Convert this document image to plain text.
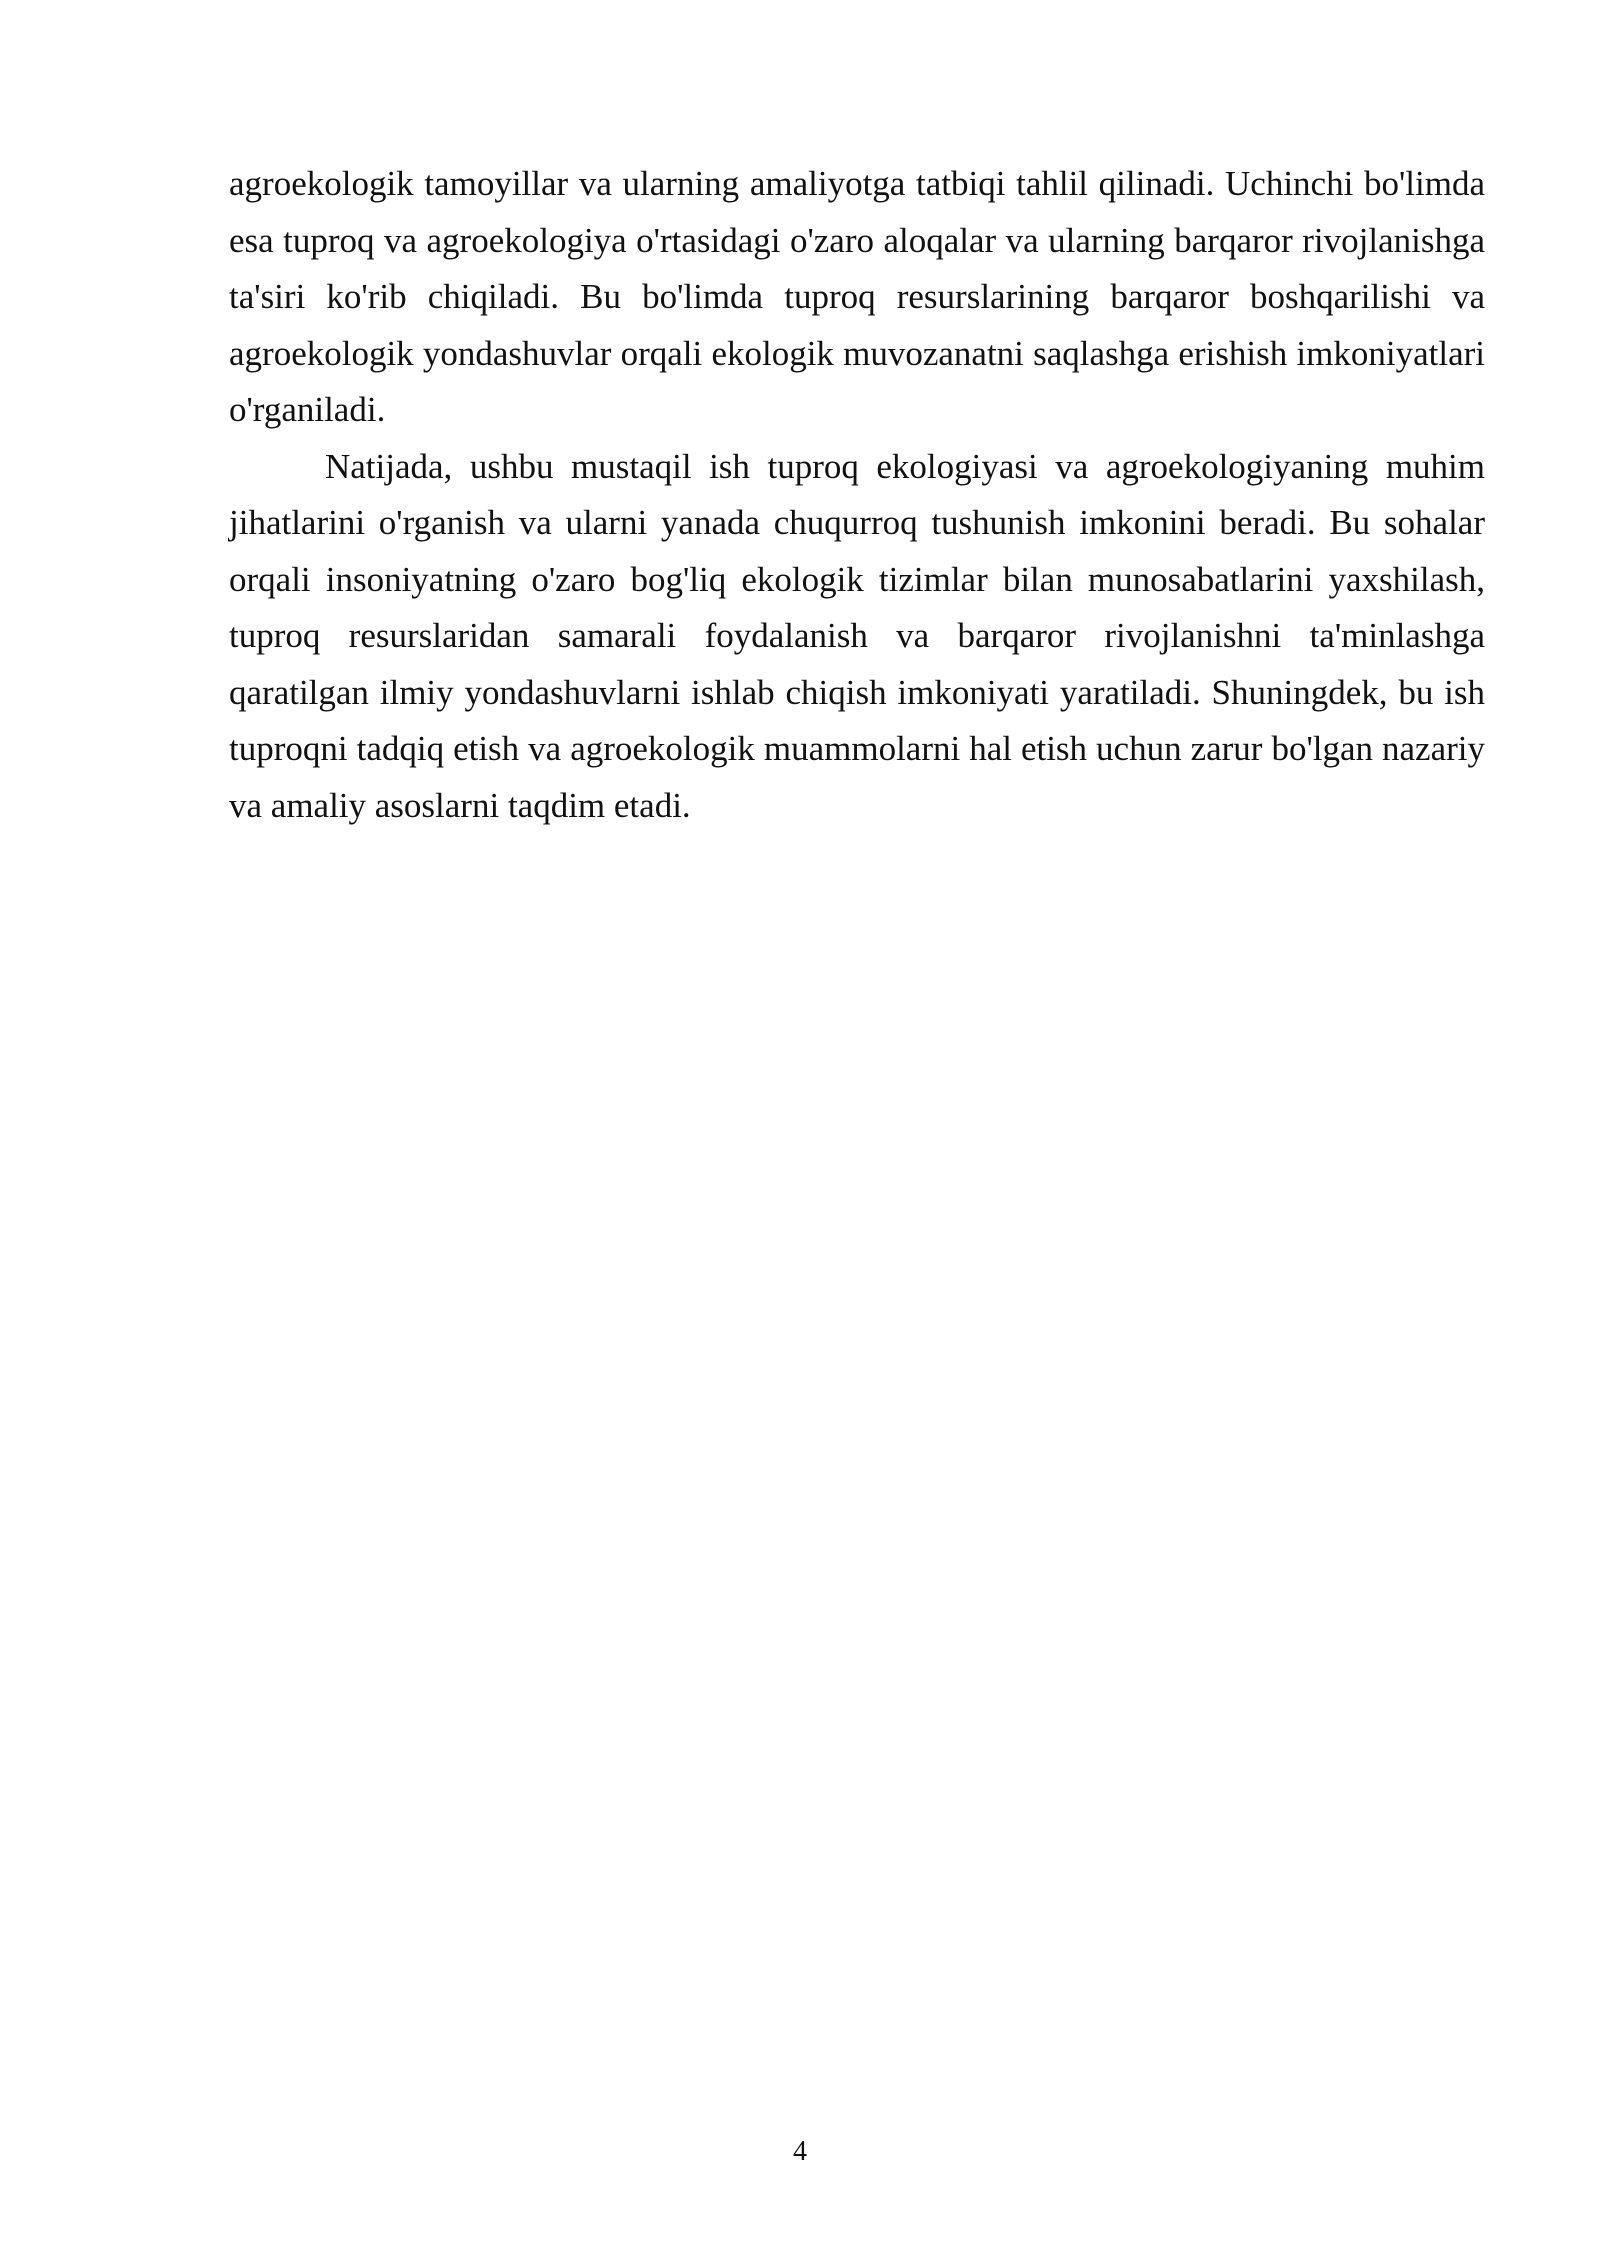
agroekologik tamoyillar va ularning amaliyotga tatbiqi tahlil qilinadi. Uchinchi bo'limda esa tuproq va agroekologiya o'rtasidagi o'zaro aloqalar va ularning barqaror rivojlanishga ta'siri ko'rib chiqiladi. Bu bo'limda tuproq resurslarining barqaror boshqarilishi va agroekologik yondashuvlar orqali ekologik muvozanatni saqlashga erishish imkoniyatlari o'rganiladi.

Natijada, ushbu mustaqil ish tuproq ekologiyasi va agroekologiyaning muhim jihatlarini o'rganish va ularni yanada chuqurroq tushunish imkonini beradi. Bu sohalar orqali insoniyatning o'zaro bog'liq ekologik tizimlar bilan munosabatlarini yaxshilash, tuproq resurslaridan samarali foydalanish va barqaror rivojlanishni ta'minlashga qaratilgan ilmiy yondashuvlarni ishlab chiqish imkoniyati yaratiladi. Shuningdek, bu ish tuproqni tadqiq etish va agroekologik muammolarni hal etish uchun zarur bo'lgan nazariy va amaliy asoslarni taqdim etadi.

4
